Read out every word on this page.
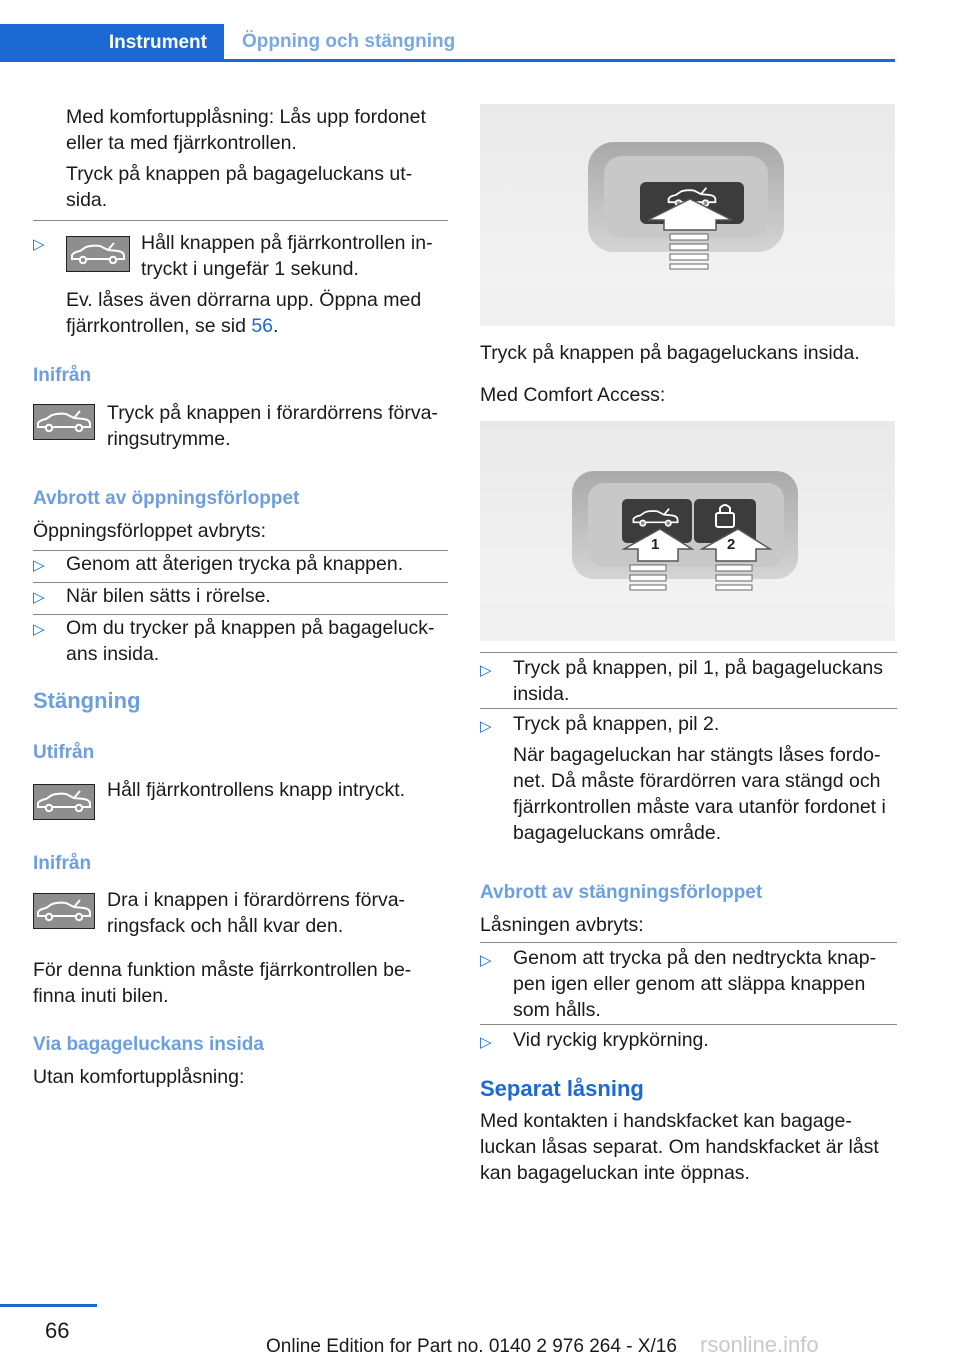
Instrument Öppning och stängning

Med komfortupplåsning: Lås upp fordonet eller ta med fjärrkontrollen.

Tryck på knappen på bagageluckans ut-sida.

▷	Håll knappen på fjärrkontrollen in-tryckt i ungefär 1 sekund.

Ev. låses även dörrarna upp. Öppna med fjärrkontrollen, se sid 56.

Inifrån

Tryck på knappen i förardörrens förva-ringsutrymme.

Avbrott av öppningsförloppet

Öppningsförloppet avbryts:

▷ Genom att återigen trycka på knappen.

▷ När bilen sätts i rörelse.

▷ Om du trycker på knappen på bagageluck-ans insida.

Stängning

Utifrån

Håll fjärrkontrollens knapp intryckt.

Inifrån

Dra i knappen i förardörrens förva-ringsfack och håll kvar den.

För denna funktion måste fjärrkontrollen be-finna inuti bilen.

Via bagageluckans insida

Utan komfortupplåsning:

Tryck på knappen på bagageluckans insida.

Med Comfort Access:

1	2
▷ Tryck på knappen, pil 1, på bagageluckans insida.

▷ Tryck på knappen, pil 2.

När bagageluckan har stängts låses fordo-net. Då måste förardörren vara stängd och fjärrkontrollen måste vara utanför fordonet i bagageluckans område.

Avbrott av stängningsförloppet

Låsningen avbryts:

▷ Genom att trycka på den nedtryckta knap-pen igen eller genom att släppa knappen som hålls.

▷ Vid ryckig krypkörning.

Separat låsning

Med kontakten i handskfacket kan bagage-luckan låsas separat. Om handskfacket är låst kan bagageluckan inte öppnas.

66
Online Edition for Part no. 0140 2 976 264 - X/16 rsonline.info
